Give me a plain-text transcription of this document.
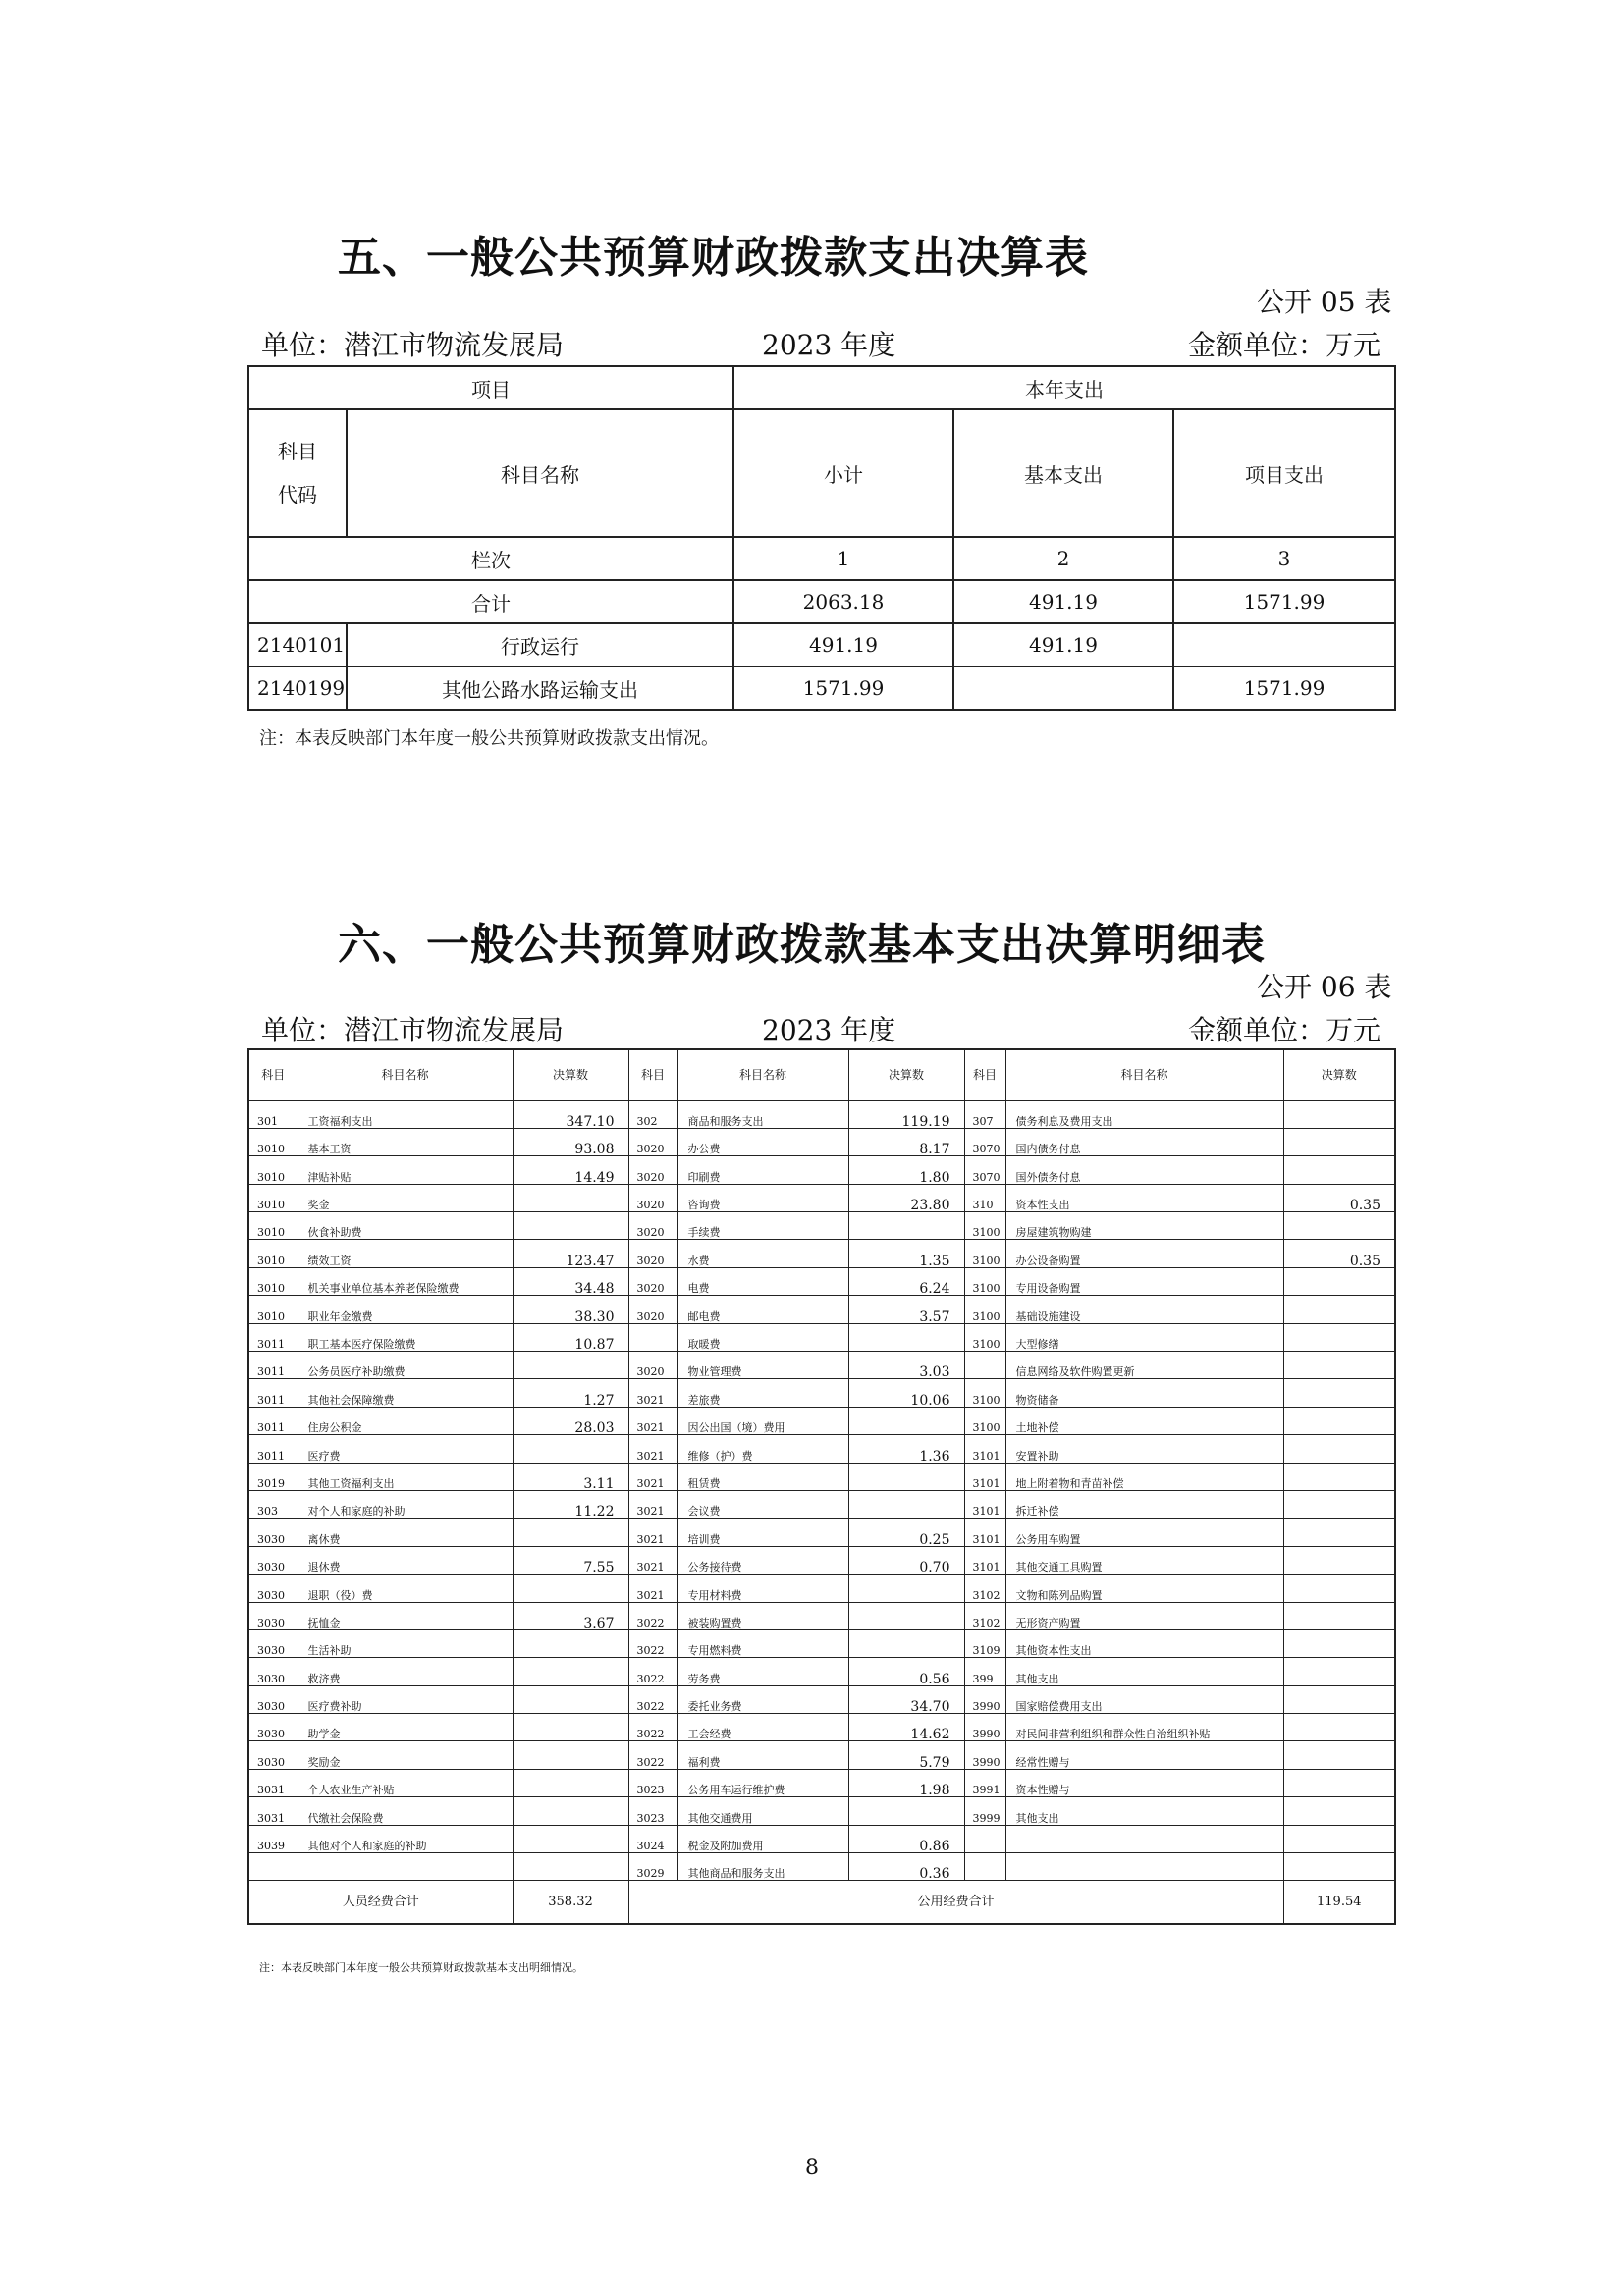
五、一般公共预算财政拨款支出决算表
公开 05 表
单位：潜江市物流发展局	2023 年度	金额单位：万元
项目		本年支出		
科目代码	科目名称	小计	基本支出	项目支出
栏次		1	2	3
合计		2063.18	491.19	1571.99
2140101	行政运行	491.19	491.19	
2140199	其他公路水路运输支出	1571.99		1571.99
注：本表反映部门本年度一般公共预算财政拨款支出情况。
六、一般公共预算财政拨款基本支出决算明细表
公开 06 表
单位：潜江市物流发展局	2023 年度	金额单位：万元
科目	科目名称	决算数	科目	科目名称	决算数	科目	科目名称	决算数
301	工资福利支出	347.10	302	商品和服务支出	119.19	307	债务利息及费用支出	
3010	基本工资	93.08	3020	办公费	8.17	3070	国内债务付息	
3010	津贴补贴	14.49	3020	印刷费	1.80	3070	国外债务付息	
3010	奖金		3020	咨询费	23.80	310	资本性支出	0.35
3010	伙食补助费		3020	手续费		3100	房屋建筑物购建	
3010	绩效工资	123.47	3020	水费	1.35	3100	办公设备购置	0.35
3010	机关事业单位基本养老保险缴费	34.48	3020	电费	6.24	3100	专用设备购置	
3010	职业年金缴费	38.30	3020	邮电费	3.57	3100	基础设施建设	
3011	职工基本医疗保险缴费	10.87		取暖费		3100	大型修缮	
3011	公务员医疗补助缴费		3020	物业管理费	3.03		信息网络及软件购置更新	
3011	其他社会保障缴费	1.27	3021	差旅费	10.06	3100	物资储备	
3011	住房公积金	28.03	3021	因公出国（境）费用		3100	土地补偿	
3011	医疗费		3021	维修（护）费	1.36	3101	安置补助	
3019	其他工资福利支出	3.11	3021	租赁费		3101	地上附着物和青苗补偿	
303	对个人和家庭的补助	11.22	3021	会议费		3101	拆迁补偿	
3030	离休费		3021	培训费	0.25	3101	公务用车购置	
3030	退休费	7.55	3021	公务接待费	0.70	3101	其他交通工具购置	
3030	退职（役）费		3021	专用材料费		3102	文物和陈列品购置	
3030	抚恤金	3.67	3022	被装购置费		3102	无形资产购置	
3030	生活补助		3022	专用燃料费		3109	其他资本性支出	
3030	救济费		3022	劳务费	0.56	399	其他支出	
3030	医疗费补助		3022	委托业务费	34.70	3990	国家赔偿费用支出	
3030	助学金		3022	工会经费	14.62	3990	对民间非营利组织和群众性自治组织补贴	
3030	奖励金		3022	福利费	5.79	3990	经常性赠与	
3031	个人农业生产补贴		3023	公务用车运行维护费	1.98	3991	资本性赠与	
3031	代缴社会保险费		3023	其他交通费用		3999	其他支出	
3039	其他对个人和家庭的补助		3024	税金及附加费用	0.86			
			3029	其他商品和服务支出	0.36			
人员经费合计		358.32	公用经费合计					119.54
注：本表反映部门本年度一般公共预算财政拨款基本支出明细情况。
8
